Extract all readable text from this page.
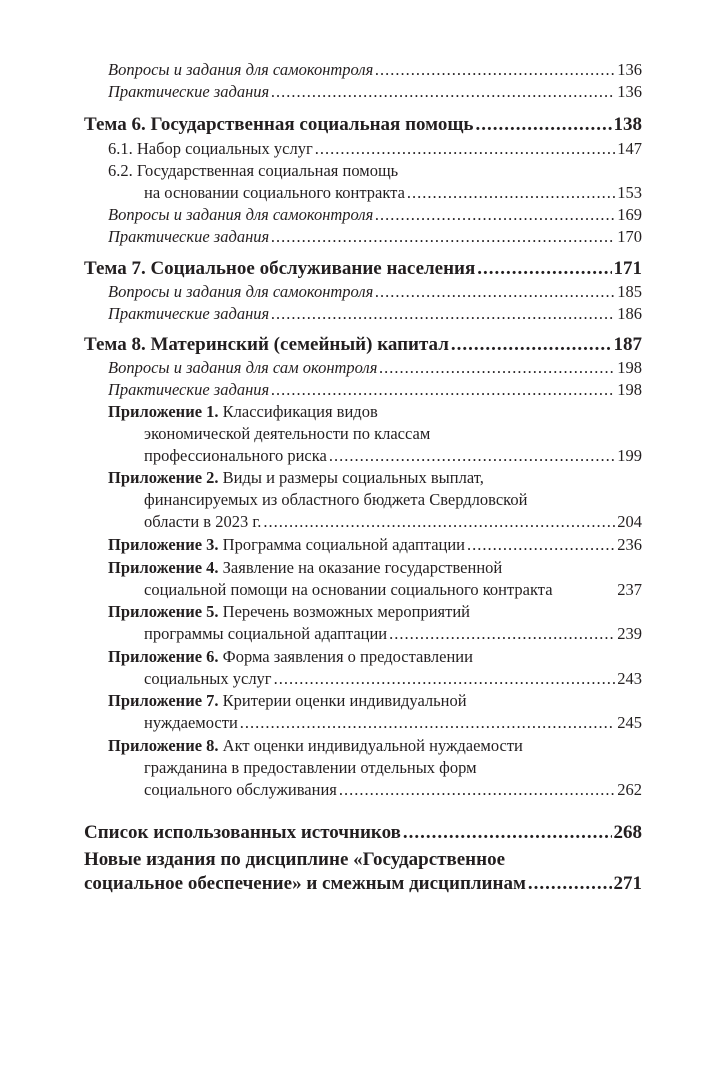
Вопросы и задания для самоконтроля .....	136
Практические задания .....	136
Тема 6. Государственная социальная помощь .....	138
6.1. Набор социальных услуг .....	147
6.2. Государственная социальная помощь
на основании социального контракта .....	153
Вопросы и задания для самоконтроля .....	169
Практические задания .....	170
Тема 7. Социальное обслуживание населения .....	171
Вопросы и задания для самоконтроля .....	185
Практические задания .....	186
Тема 8. Материнский (семейный) капитал .....	187
Вопросы и задания для сам оконтроля .....	198
Практические задания .....	198
Приложение 1. Классификация видов
экономической деятельности по классам
профессионального риска .....	199
Приложение 2. Виды и размеры социальных выплат,
финансируемых из областного бюджета Свердловской
области в 2023 г. .....	204
Приложение 3. Программа социальной адаптации .....	236
Приложение 4. Заявление на оказание государственной
социальной помощи на основании социального контракта	237
Приложение 5. Перечень возможных мероприятий
программы социальной адаптации .....	239
Приложение 6. Форма заявления о предоставлении
социальных услуг .....	243
Приложение 7. Критерии оценки индивидуальной
нуждаемости .....	245
Приложение 8. Акт оценки индивидуальной нуждаемости
гражданина в предоставлении отдельных форм
социального обслуживания .....	262
Список использованных источников .....	268
Новые издания по дисциплине «Государственное
социальное обеспечение» и смежным дисциплинам .....	271
